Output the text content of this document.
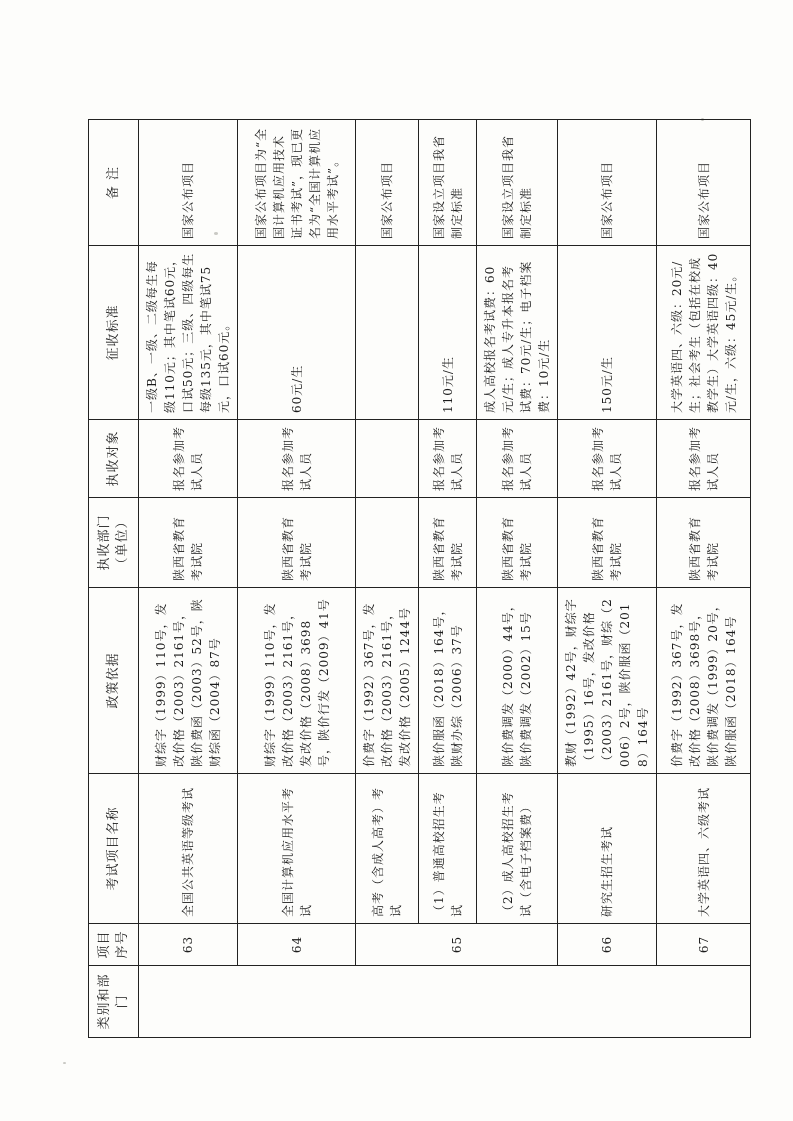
类别和部门	项目序号	考试项目名称	政策依据	执收部门（单位）	执收对象	征收标准	备 注
	63	全国公共英语等级考试	财综字（1999）110号，发改价格（2003）2161号，陕价费函（2003）52号，陕财综函（2004）87号	陕西省教育考试院	报名参加考试人员	一级B、一级、二级每生每级110元；其中笔试60元，口试50元；三级、四级每生每级135元，其中笔试75元，口试60元。	国家公布项目
	64	全国计算机应用水平考试	财综字（1999）110号，发改价格（2003）2161号，发改价格（2008）3698号，陕价行发（2009）41号	陕西省教育考试院	报名参加考试人员	60元/生	国家公布项目为“全国计算机应用技术证书考试”，现已更名为“全国计算机应用水平考试”。
	65	高考（含成人高考）考试	价费字（1992）367号，发改价格（2003）2161号，发改价格（2005）1244号				国家公布项目
		（1）普通高校招生考试	陕价服函（2018）164号，陕财办综（2006）37号	陕西省教育考试院	报名参加考试人员	110元/生	国家设立项目我省制定标准
		（2）成人高校招生考试（含电子档案费）	陕价费调发（2000）44号，陕价费调发（2002）15号	陕西省教育考试院	报名参加考试人员	成人高校报名考试费：60元/生；成人专升本报名考试费：70元/生；电子档案费：10元/生	国家设立项目我省制定标准
	66	研究生招生考试	教财（1992）42号，财综字（1995）16号，发改价格（2003）2161号，财综（2006）2号，陕价服函（2018）164号	陕西省教育考试院	报名参加考试人员	150元/生	国家公布项目
	67	大学英语四、六级考试	价费字（1992）367号，发改价格（2008）3698号，陕价费调发（1999）20号，陕价服函（2018）164号	陕西省教育考试院	报名参加考试人员	大学英语四、六级：20元/生；社会考生（包括在校成教学生）大学英语四级：40元/生，六级：45元/生。	国家公布项目
